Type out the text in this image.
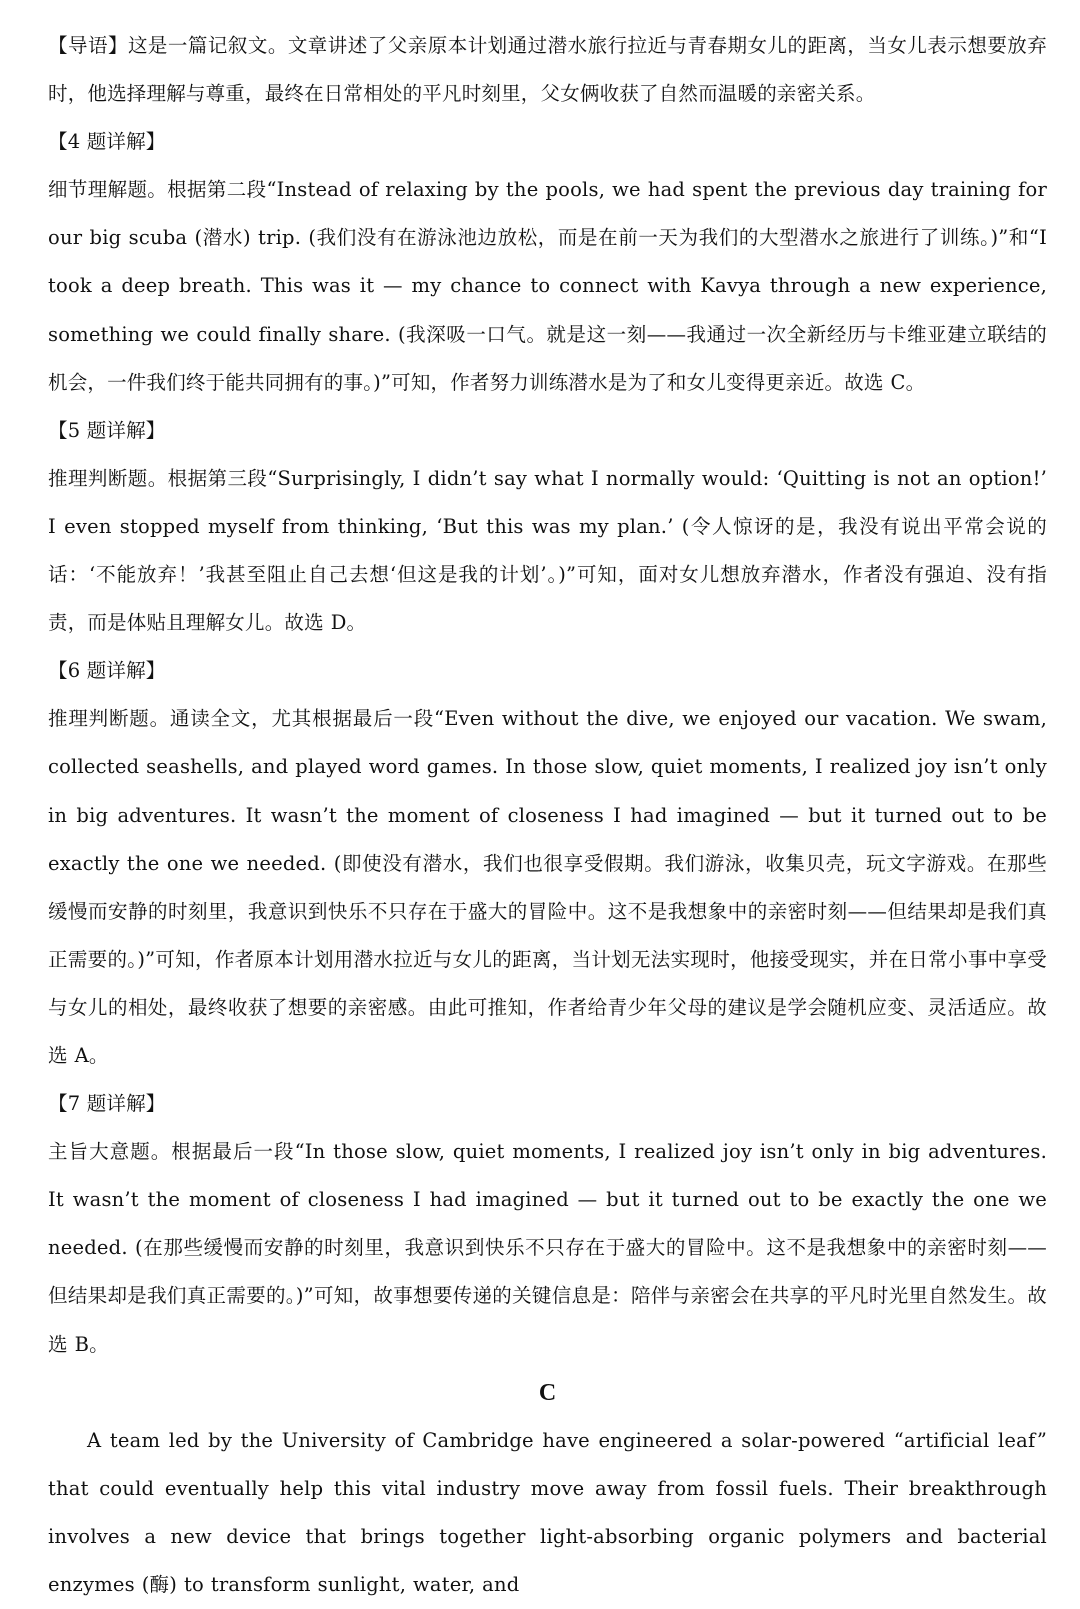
【导语】这是一篇记叙文。文章讲述了父亲原本计划通过潜水旅行拉近与青春期女儿的距离，当女儿表示想要放弃时，他选择理解与尊重，最终在日常相处的平凡时刻里，父女俩收获了自然而温暖的亲密关系。

【4 题详解】

细节理解题。根据第二段“Instead of relaxing by the pools, we had spent the previous day training for our big scuba (潜水) trip. (我们没有在游泳池边放松，而是在前一天为我们的大型潜水之旅进行了训练。)”和“I took a deep breath. This was it — my chance to connect with Kavya through a new experience, something we could finally share. (我深吸一口气。就是这一刻——我通过一次全新经历与卡维亚建立联结的机会，一件我们终于能共同拥有的事。)”可知，作者努力训练潜水是为了和女儿变得更亲近。故选 C。

【5 题详解】

推理判断题。根据第三段“Surprisingly, I didn’t say what I normally would: ‘Quitting is not an option!’ I even stopped myself from thinking, ‘But this was my plan.’ (令人惊讶的是，我没有说出平常会说的话：‘不能放弃！’我甚至阻止自己去想‘但这是我的计划’。)”可知，面对女儿想放弃潜水，作者没有强迫、没有指责，而是体贴且理解女儿。故选 D。

【6 题详解】

推理判断题。通读全文，尤其根据最后一段“Even without the dive, we enjoyed our vacation. We swam, collected seashells, and played word games. In those slow, quiet moments, I realized joy isn’t only in big adventures. It wasn’t the moment of closeness I had imagined — but it turned out to be exactly the one we needed. (即使没有潜水，我们也很享受假期。我们游泳，收集贝壳，玩文字游戏。在那些缓慢而安静的时刻里，我意识到快乐不只存在于盛大的冒险中。这不是我想象中的亲密时刻——但结果却是我们真正需要的。)”可知，作者原本计划用潜水拉近与女儿的距离，当计划无法实现时，他接受现实，并在日常小事中享受与女儿的相处，最终收获了想要的亲密感。由此可推知，作者给青少年父母的建议是学会随机应变、灵活适应。故选 A。

【7 题详解】

主旨大意题。根据最后一段“In those slow, quiet moments, I realized joy isn’t only in big adventures. It wasn’t the moment of closeness I had imagined — but it turned out to be exactly the one we needed. (在那些缓慢而安静的时刻里，我意识到快乐不只存在于盛大的冒险中。这不是我想象中的亲密时刻——但结果却是我们真正需要的。)”可知，故事想要传递的关键信息是：陪伴与亲密会在共享的平凡时光里自然发生。故选 B。

C

A team led by the University of Cambridge have engineered a solar-powered “artificial leaf” that could eventually help this vital industry move away from fossil fuels. Their breakthrough involves a new device that brings together light-absorbing organic polymers and bacterial enzymes (酶) to transform sunlight, water, and
